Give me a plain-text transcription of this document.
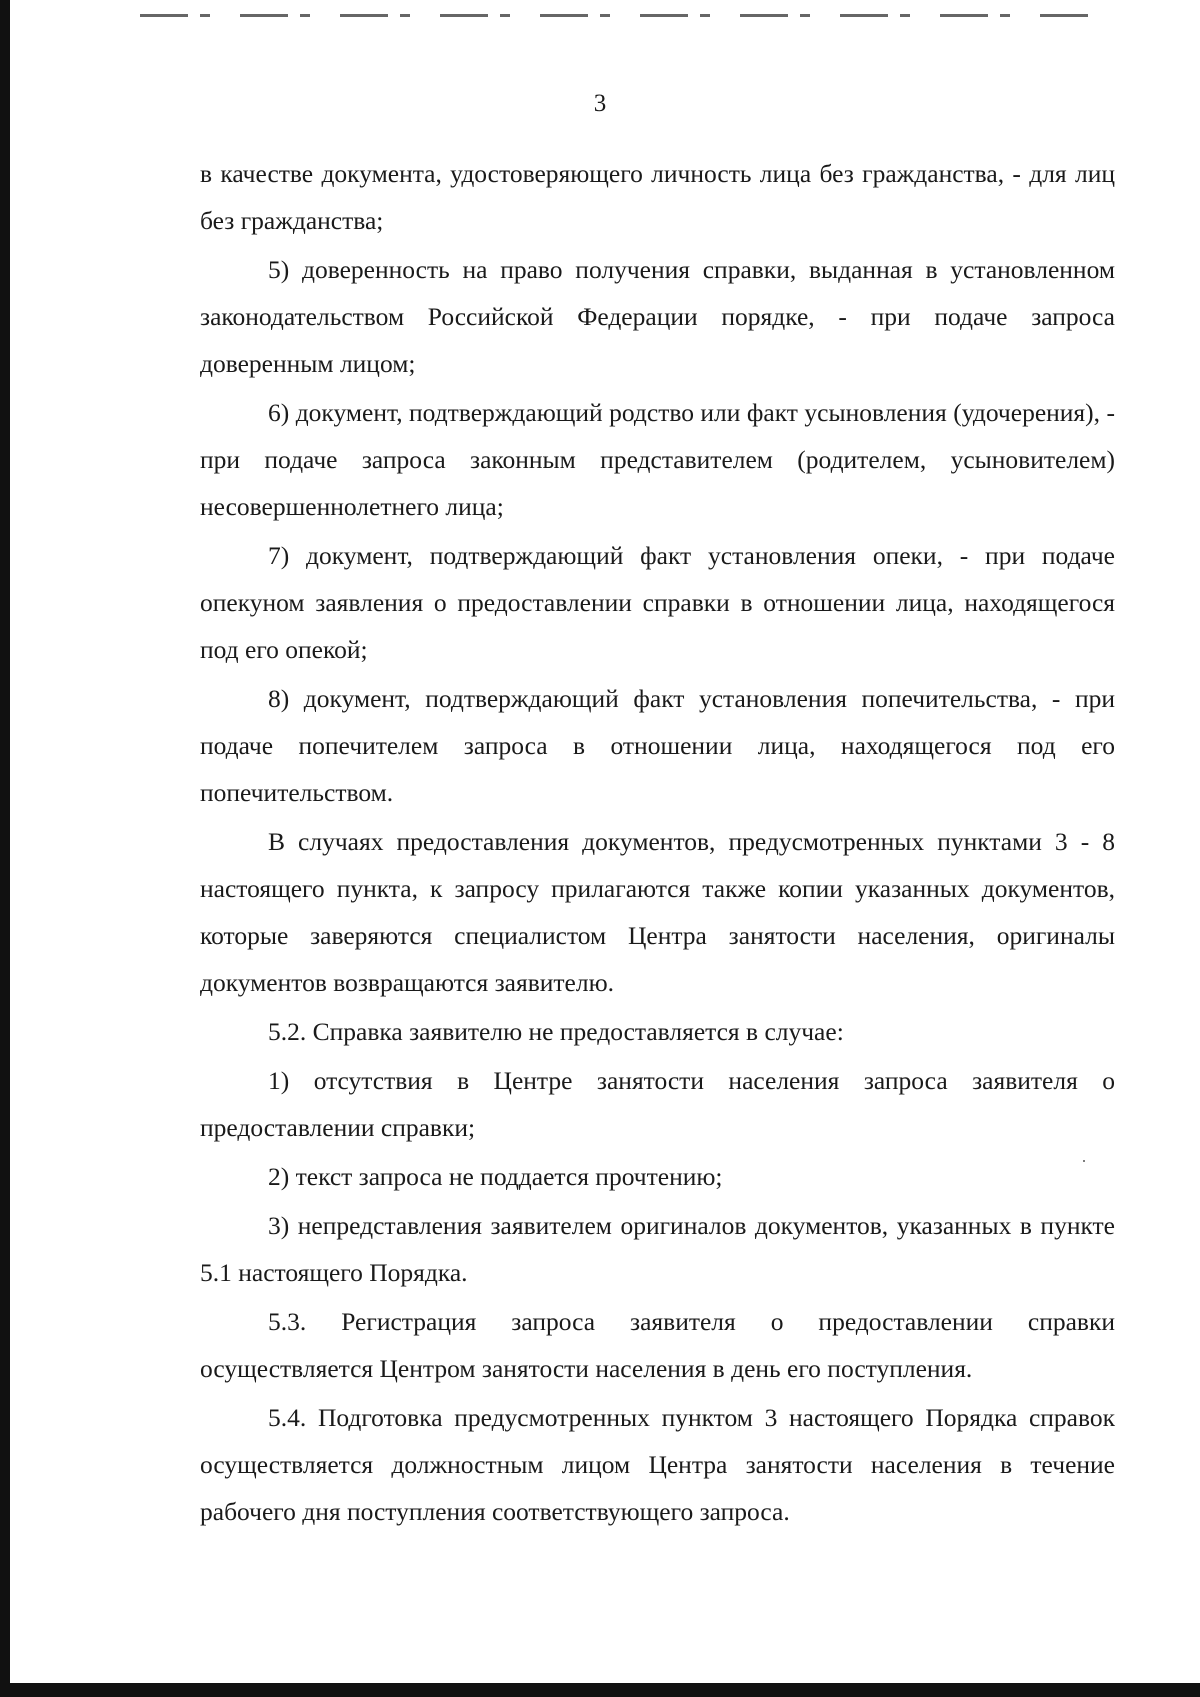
3

в качестве документа, удостоверяющего личность лица без гражданства, - для лиц без гражданства;

5) доверенность на право получения справки, выданная в установленном законодательством Российской Федерации порядке, - при подаче запроса доверенным лицом;

6) документ, подтверждающий родство или факт усыновления (удочерения), - при подаче запроса законным представителем (родителем, усыновителем) несовершеннолетнего лица;

7) документ, подтверждающий факт установления опеки, - при подаче опекуном заявления о предоставлении справки в отношении лица, находящегося под его опекой;

8) документ, подтверждающий факт установления попечительства, - при подаче попечителем запроса в отношении лица, находящегося под его попечительством.

В случаях предоставления документов, предусмотренных пунктами 3 - 8 настоящего пункта, к запросу прилагаются также копии указанных документов, которые заверяются специалистом Центра занятости населения, оригиналы документов возвращаются заявителю.

5.2. Справка заявителю не предоставляется в случае:

1) отсутствия в Центре занятости населения запроса заявителя о предоставлении справки;

2) текст запроса не поддается прочтению;

3) непредставления заявителем оригиналов документов, указанных в пункте 5.1 настоящего Порядка.

5.3. Регистрация запроса заявителя о предоставлении справки осуществляется Центром занятости населения в день его поступления.

5.4. Подготовка предусмотренных пунктом 3 настоящего Порядка справок осуществляется должностным лицом Центра занятости населения в течение рабочего дня поступления соответствующего запроса.
